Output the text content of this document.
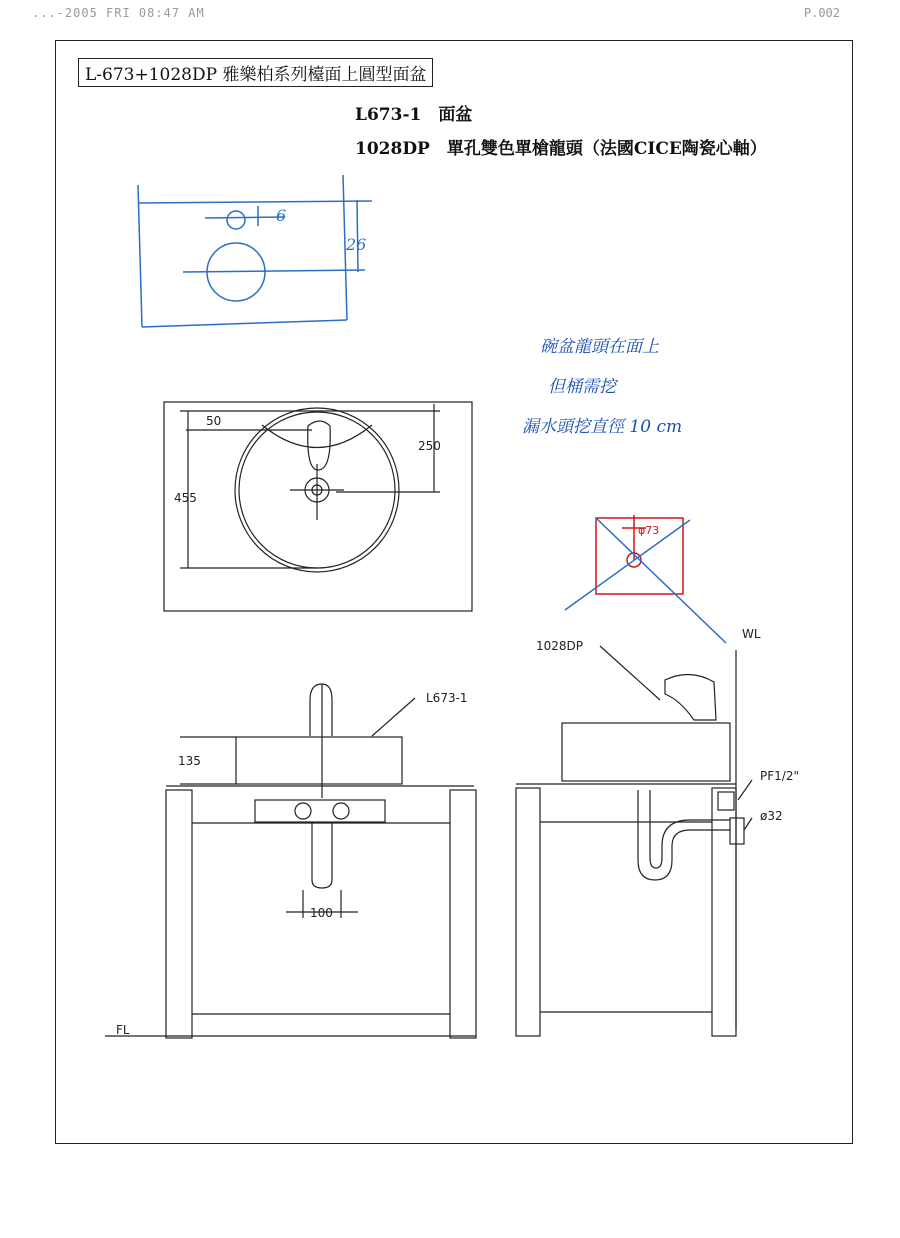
...-2005 FRI 08:47 AM	P.002
L-673+1028DP 雅樂柏系列檯面上圓型面盆
L673-1　面盆
1028DP　單孔雙色單槍龍頭（法國CICE陶瓷心軸）
6
26
50
250
455
φ73
L673-1
135
100
FL
1028DP
WL
PF1/2"
ø32
碗盆龍頭在面上
但桶需挖
漏水頭挖直徑 10 cm
